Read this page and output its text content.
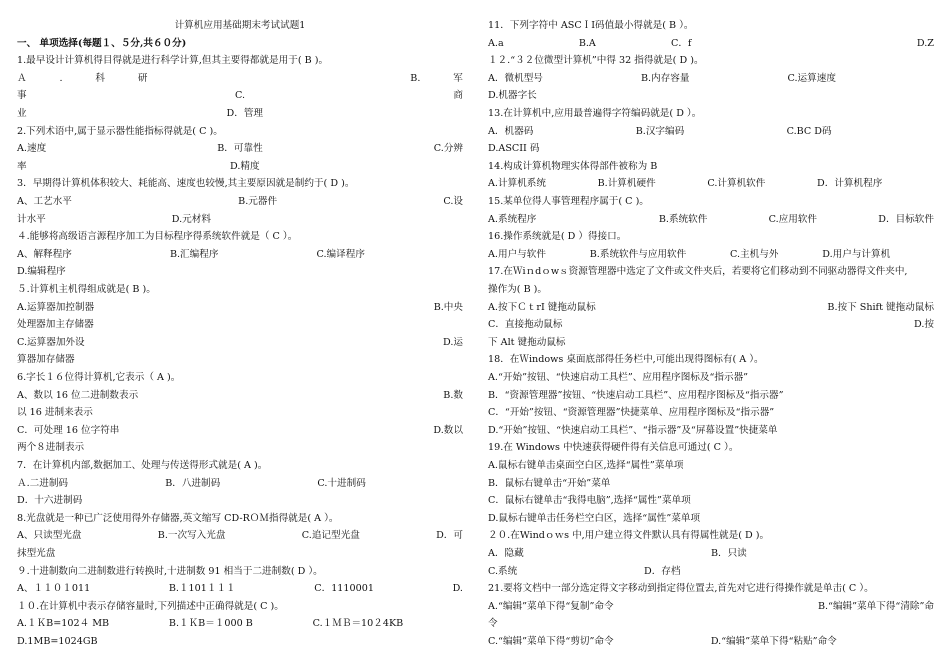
计算机应用基础期末考试试题1
一、 单项选择(每题１、５分,共６０分)
1.最早设计计算机得目得就是进行科学计算,但其主要得都就是用于( B )。
Ａ	.	科	研	B.	军
事	C.	商
业	D．管理
2.下列术语中,属于显示器性能指标得就是( C )。
A.速度	B．可靠性	C.分辨
率	D.精度
3．早期得计算机体积较大、耗能高、速度也较慢,其主要原因就是制约于( D )。
A、工艺水平	B.元器件	C.设
计水平	D.元材料
４.能够将高级语言源程序加工为目标程序得系统软件就是（ C ）。
A、解释程序	B.汇编程序	C.编译程序
D.编辑程序
５.计算机主机得组成就是( B )。
A.运算器加控制器	B.中央
处理器加主存储器
C.运算器加外设	D.运
算器加存储器
6.字长１６位得计算机,它表示（ A )。
A、数以 16 位二进制数表示	B.数
以 16 进制来表示
C．可处理 16 位字符串	D.数以
两个８进制表示
7．在计算机内部,数据加工、处理与传送得形式就是( A )。
Ａ.二进制码	B．八进制码	C.十进制码
D．十六进制码
8.光盘就是一种已广泛使用得外存储器,英文缩写 CD-RＯＭ指得就是( A ）。
A、只读型光盘	B.一次写入光盘	C.追记型光盘	D．可
抹型光盘
９.十进制数向二进制数进行转换时,十进制数 91 相当于二进制数( D ）。
A、１１０１011	B.１101１１１	C．1110001	D.
１０.在计算机中表示存储容量时,下列描述中正确得就是( C )。
A.１ＫB=102４ MB	B.１ＫB＝１000 B	C.１ＭＢ＝10２4KB
D.1MB=1024GB
11．下列字符中 ASCＩI码值最小得就是( B ）。
A.a	B.A	C．f	D.Z
１２.“３２位微型计算机”中得 32 指得就是( D )。
A．微机型号	B.内存容量	C.运算速度
D.机器字长
13.在计算机中,应用最普遍得字符编码就是( D ）。
A．机器码	B.汉字编码	C.BC D码
D.ASCII 码
14.构成计算机物理实体得部件被称为 B
A.计算机系统	B.计算机硬件	C.计算机软件	D．计算机程序
15.某单位得人事管理程序属于( C )。
A.系统程序	B.系统软件	C.应用软件	D．目标软件
16.操作系统就是( D ）得接口。
A.用户与软件	B.系统软件与应用软件	C.主机与外	D.用户与计算机
17.在Ｗiｎdｏwｓ资源管理器中选定了文件或文件夹后，若要将它们移动到不同驱动器得文件夹中,
操作为( B )。
A.按下ＣｔrI 键拖动鼠标	B.按下 Shift 键拖动鼠标
C．直接拖动鼠标	D.按
下 Alt 键拖动鼠标
18．在Ｗindows 桌面底部得任务栏中,可能出现得图标有( A ）。
A.“开始”按钮、“快速启动工具栏”、应用程序图标及“指示器”
B．“资源管理器”按钮、“快速启动工具栏”、应用程序图标及“指示器”
C．“开始”按钮、“资源管理器”快捷菜单、应用程序图标及“指示器”
D.“开始”按钮、“快速启动工具栏”、“指示器”及“屏幕设置”快捷菜单
19.在 Windows 中快速获得硬件得有关信息可通过( C ）。
A.鼠标右键单击桌面空白区,选择“属性”菜单项
B．鼠标右键单击“开始”菜单
C．鼠标右键单击“我得电脑”,选择“属性”菜单项
D.鼠标右键单击任务栏空白区，选择“属性”菜单项
２０.在Windｏｗs 中,用户建立得文件默认具有得属性就是( D )。
A．隐藏	B．只读
C.系统	D．存档
21.要将文档中一部分选定得文字移动到指定得位置去,首先对它进行得操作就是单击( C ）。
A.“编辑”菜单下得“复制”命令	B.“编辑”菜单下得“清除”命
令
C.“编辑”菜单下得“剪切”命令	D.“编辑”菜单下得“粘贴”命令
